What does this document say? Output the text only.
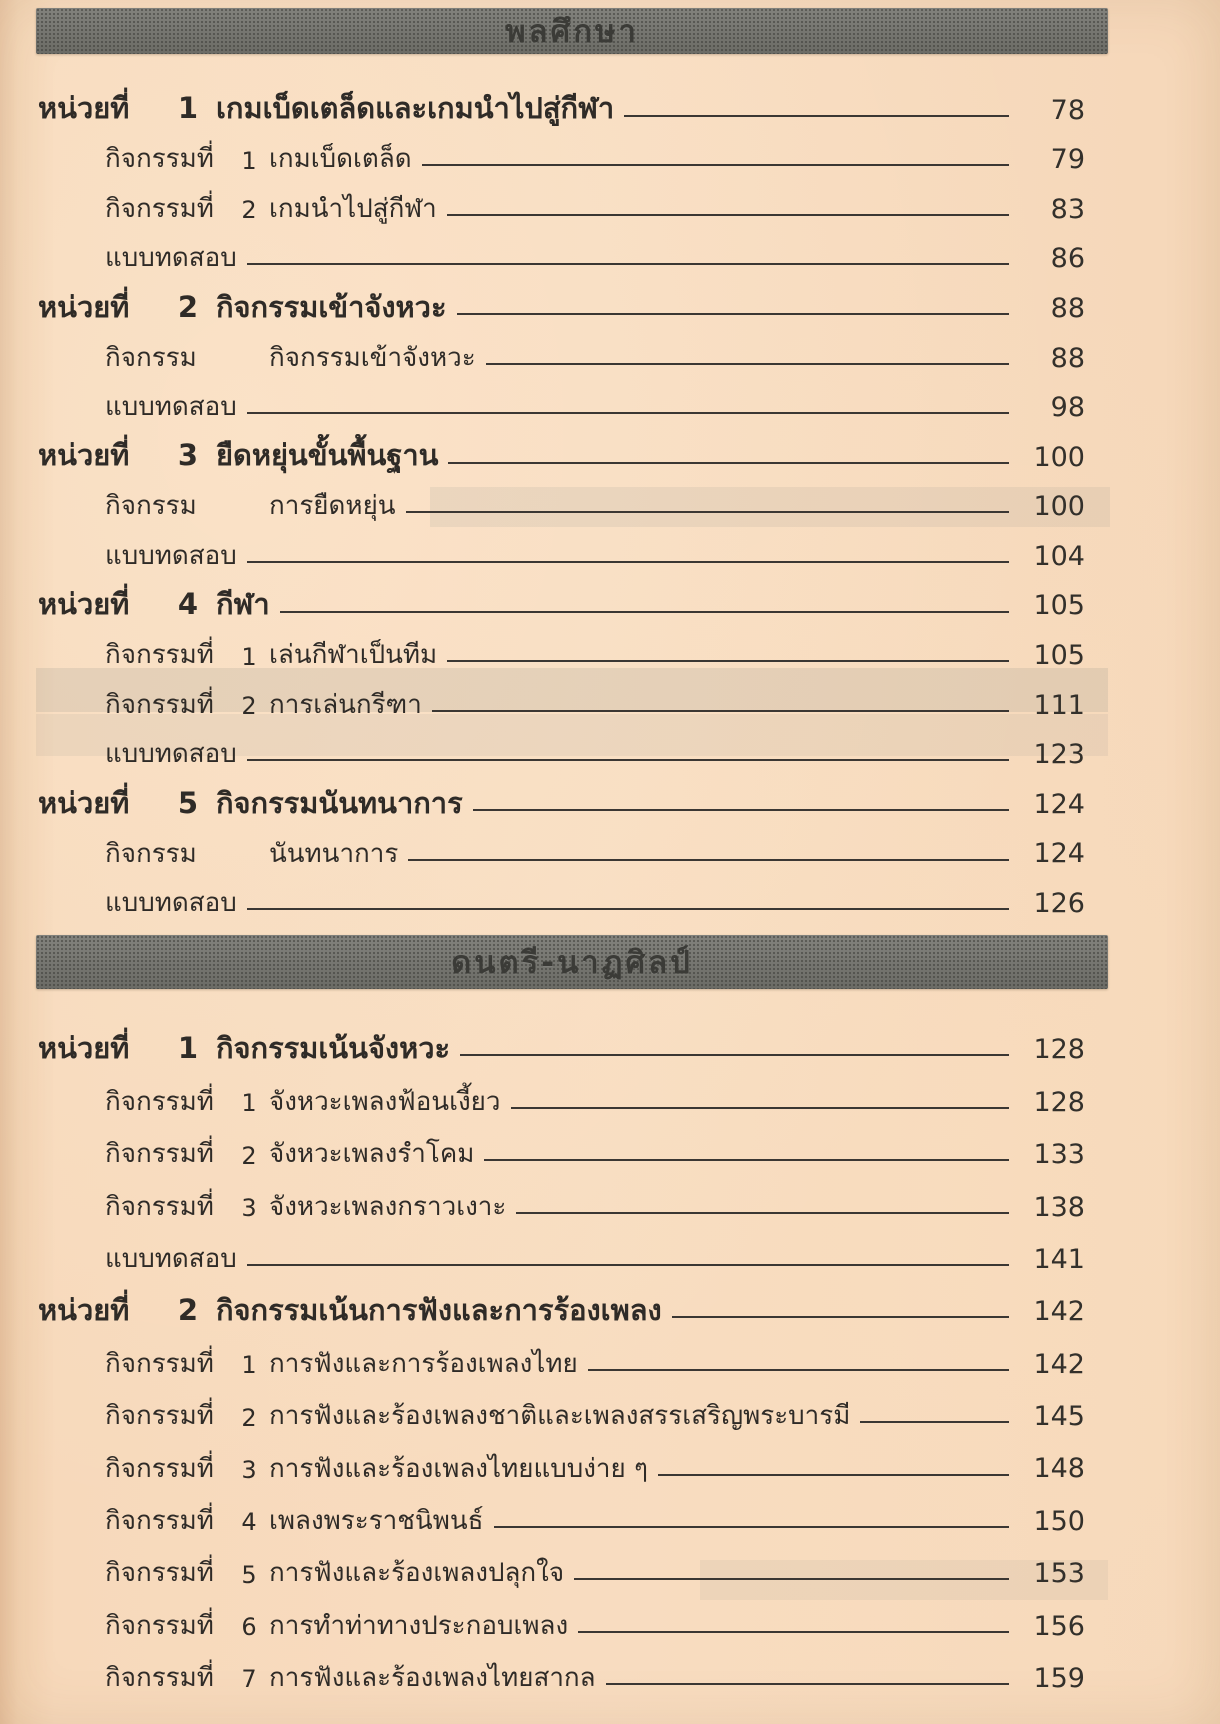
พลศึกษา
หน่วยที่	1 เกมเบ็ดเตล็ดและเกมนำไปสู่กีฬา	78
กิจกรรมที่	1 เกมเบ็ดเตล็ด	79
กิจกรรมที่	2 เกมนำไปสู่กีฬา	83
แบบทดสอบ	86
หน่วยที่	2 กิจกรรมเข้าจังหวะ	88
กิจกรรม	กิจกรรมเข้าจังหวะ	88
แบบทดสอบ	98
หน่วยที่	3 ยืดหยุ่นขั้นพื้นฐาน	100
กิจกรรม	การยืดหยุ่น	100
แบบทดสอบ	104
หน่วยที่	4 กีฬา	105
กิจกรรมที่	1 เล่นกีฬาเป็นทีม	105
กิจกรรมที่	2 การเล่นกรีฑา	111
แบบทดสอบ	123
หน่วยที่	5 กิจกรรมนันทนาการ	124
กิจกรรม	นันทนาการ	124
แบบทดสอบ	126
ดนตรี-นาฏศิลป์
หน่วยที่	1 กิจกรรมเน้นจังหวะ	128
กิจกรรมที่	1 จังหวะเพลงฟ้อนเงี้ยว	128
กิจกรรมที่	2 จังหวะเพลงรำโคม	133
กิจกรรมที่	3 จังหวะเพลงกราวเงาะ	138
แบบทดสอบ	141
หน่วยที่	2 กิจกรรมเน้นการฟังและการร้องเพลง	142
กิจกรรมที่	1 การฟังและการร้องเพลงไทย	142
กิจกรรมที่	2 การฟังและร้องเพลงชาติและเพลงสรรเสริญพระบารมี	145
กิจกรรมที่	3 การฟังและร้องเพลงไทยแบบง่าย ๆ	148
กิจกรรมที่	4 เพลงพระราชนิพนธ์	150
กิจกรรมที่	5 การฟังและร้องเพลงปลุกใจ	153
กิจกรรมที่	6 การทำท่าทางประกอบเพลง	156
กิจกรรมที่	7 การฟังและร้องเพลงไทยสากล	159
